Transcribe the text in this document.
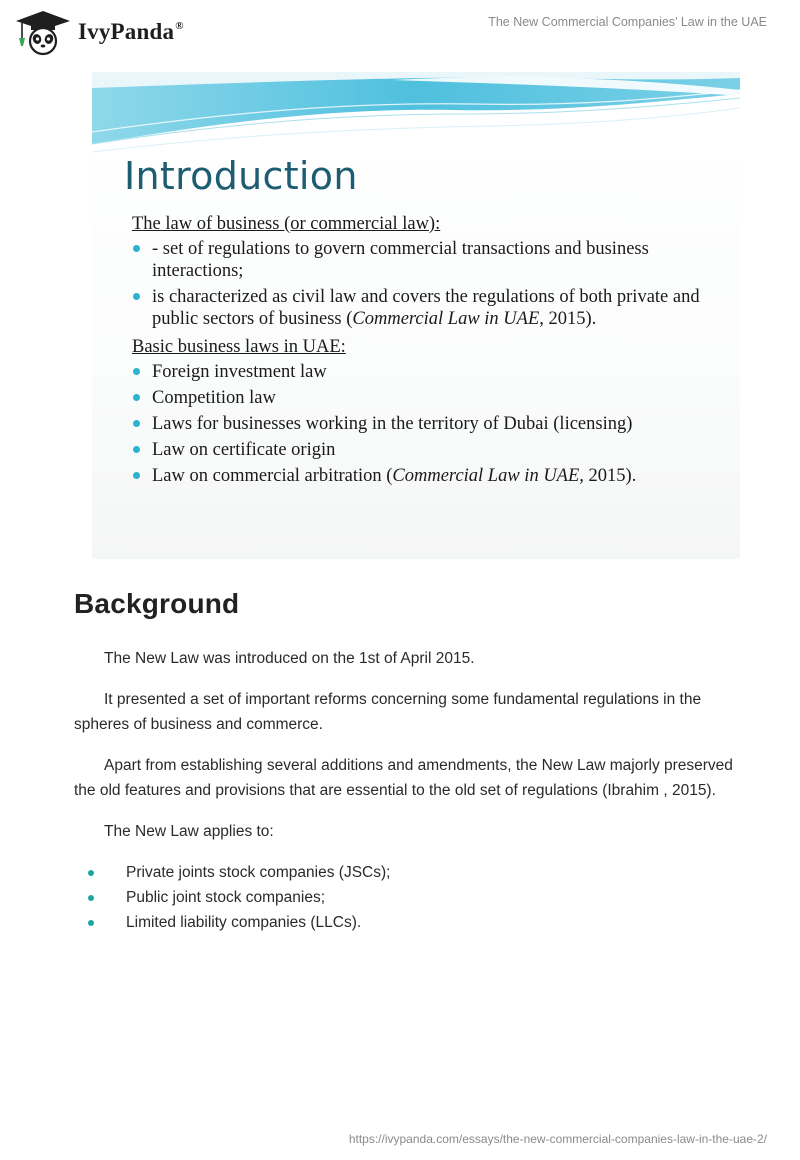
IvyPanda®	The New Commercial Companies’ Law in the UAE
Introduction
The law of business (or commercial law):
- set of regulations to govern commercial transactions and business interactions;
is characterized as civil law and covers the regulations of both private and public sectors of business (Commercial Law in UAE, 2015).
Basic business laws in UAE:
Foreign investment law
Competition law
Laws for businesses working in the territory of Dubai (licensing)
Law on certificate origin
Law on commercial arbitration (Commercial Law in UAE, 2015).
Background

The New Law was introduced on the 1st of April 2015.

It presented a set of important reforms concerning some fundamental regulations in the spheres of business and commerce.

Apart from establishing several additions and amendments, the New Law majorly preserved the old features and provisions that are essential to the old set of regulations (Ibrahim , 2015).

The New Law applies to:

Private joints stock companies (JSCs);
Public joint stock companies;
Limited liability companies (LLCs).
https://ivypanda.com/essays/the-new-commercial-companies-law-in-the-uae-2/
